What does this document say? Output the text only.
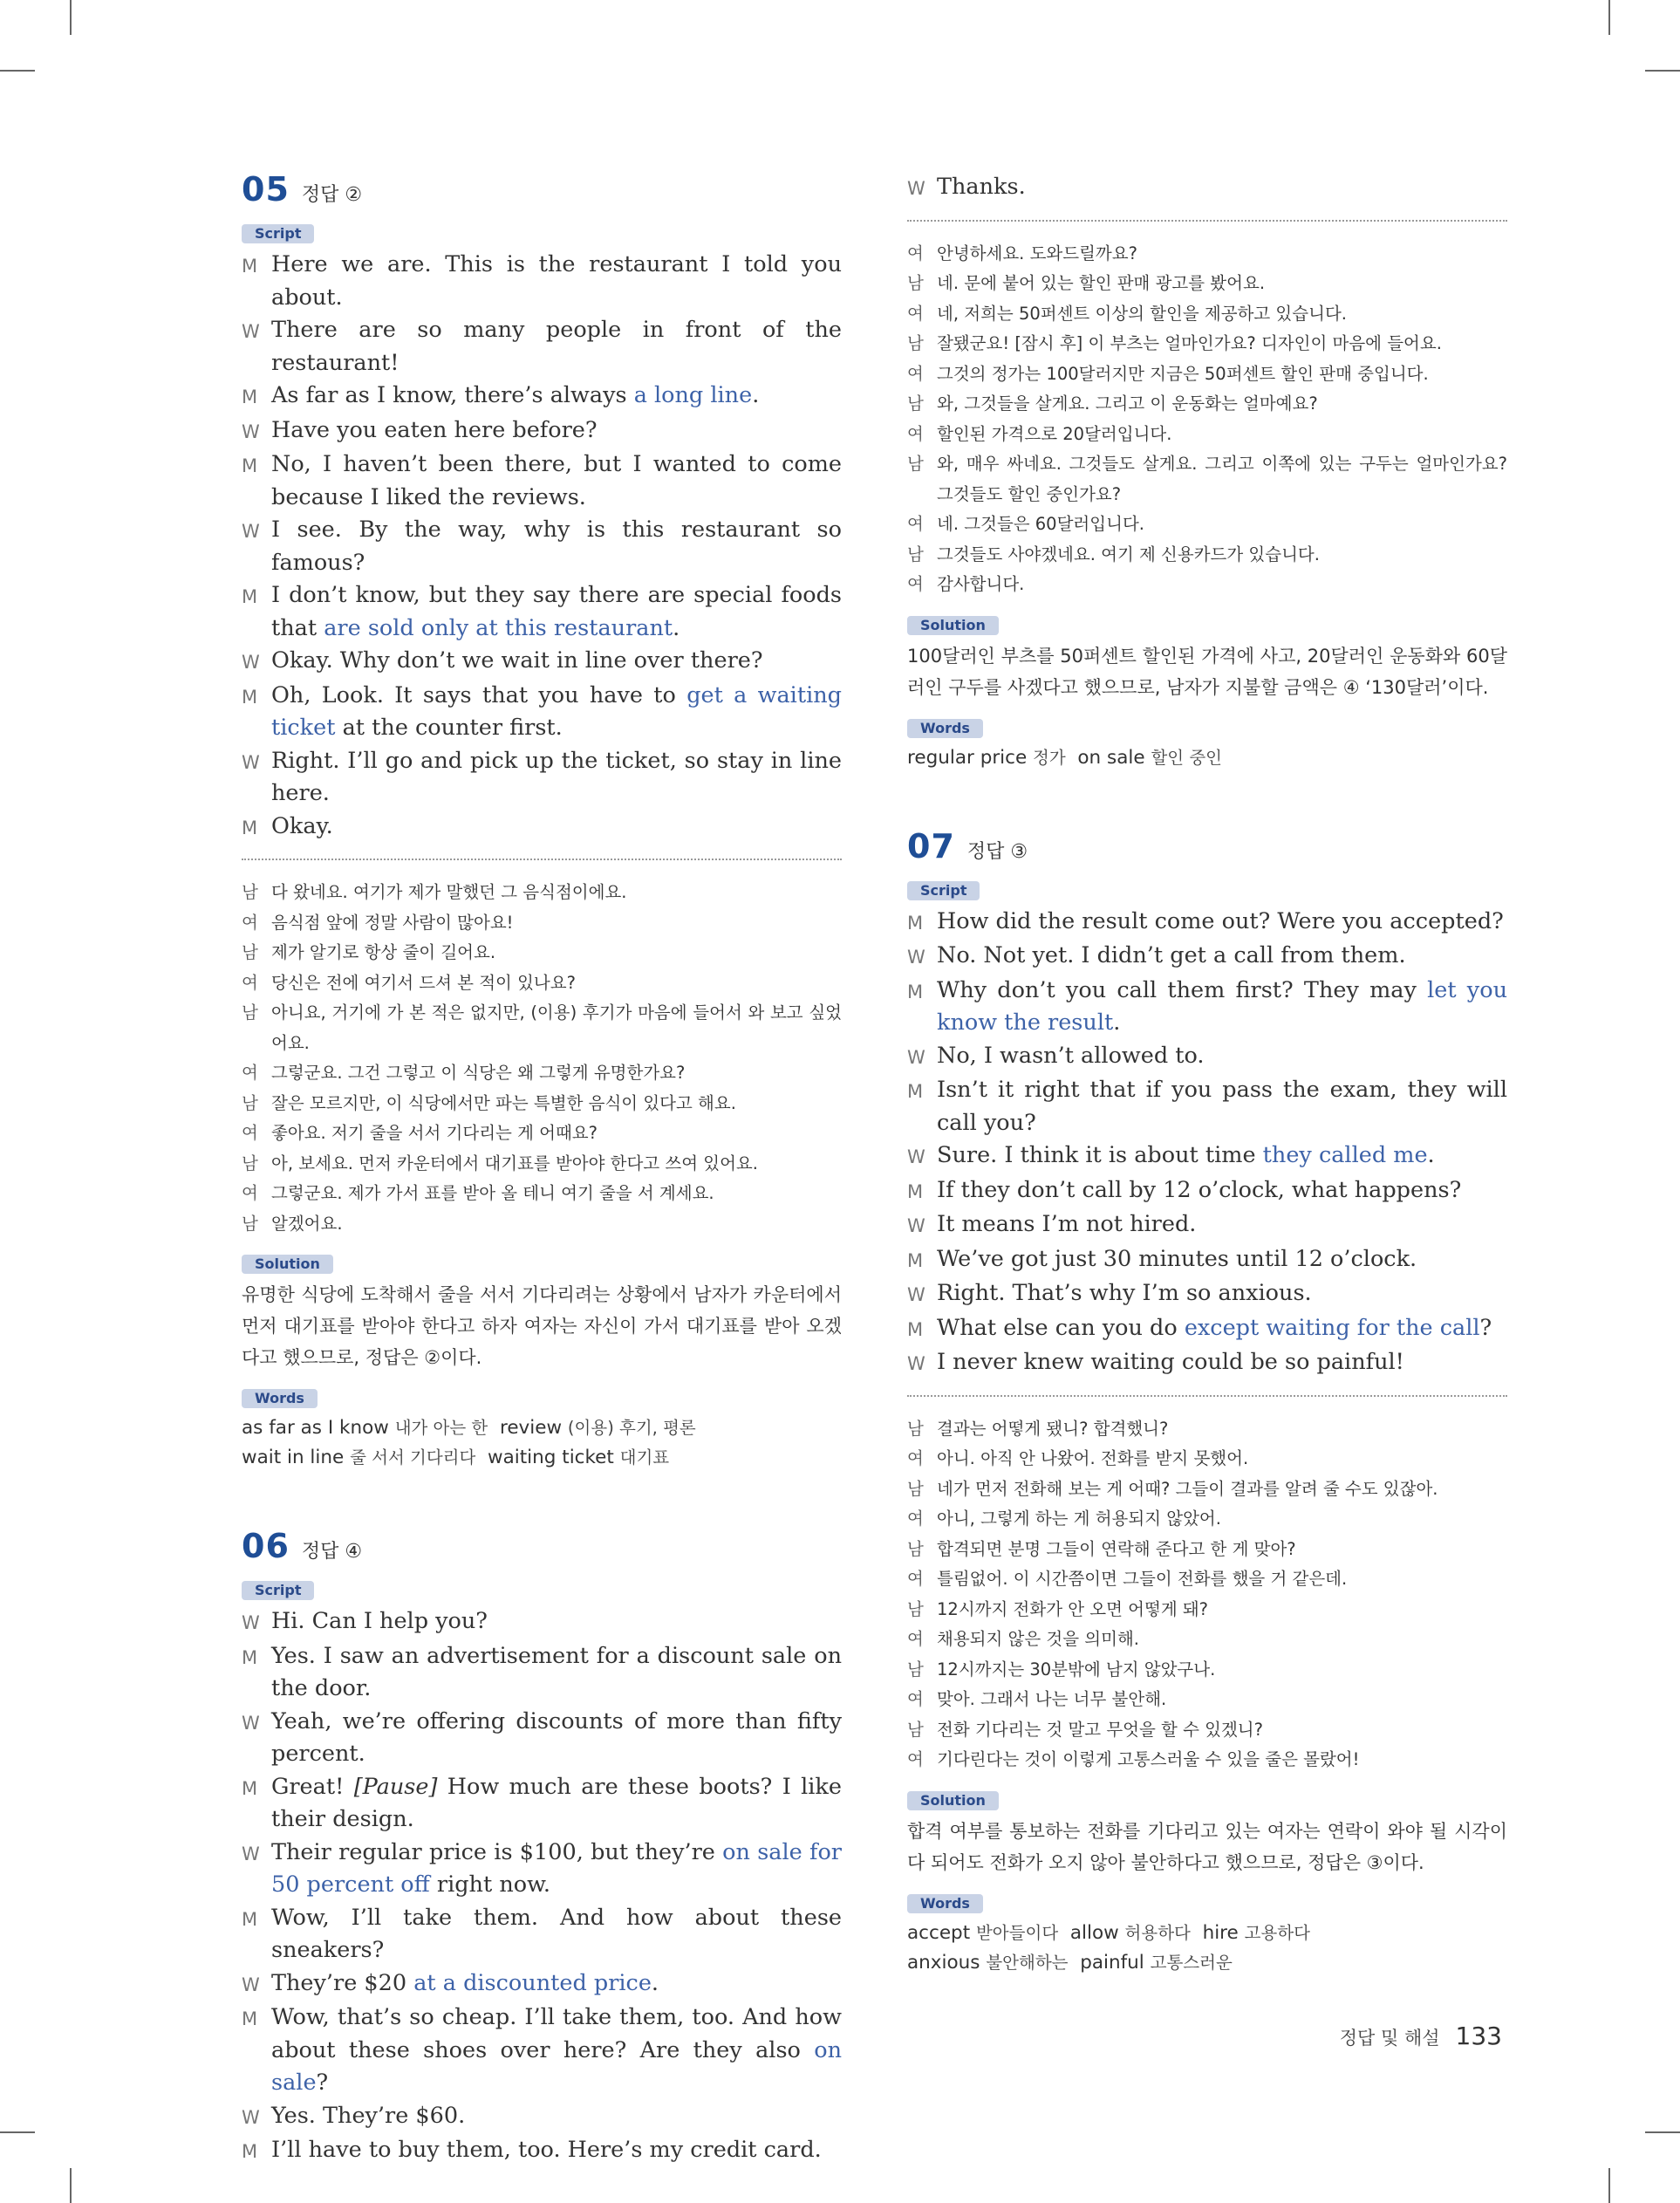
05 정답 ②
Script
M Here we are. This is the restaurant I told you about.
W There are so many people in front of the restaurant!
M As far as I know, there’s always a long line.
W Have you eaten here before?
M No, I haven’t been there, but I wanted to come because I liked the reviews.
W I see. By the way, why is this restaurant so famous?
M I don’t know, but they say there are special foods that are sold only at this restaurant.
W Okay. Why don’t we wait in line over there?
M Oh, Look. It says that you have to get a waiting ticket at the counter first.
W Right. I’ll go and pick up the ticket, so stay in line here.
M Okay.
남 다 왔네요. 여기가 제가 말했던 그 음식점이에요.
여 음식점 앞에 정말 사람이 많아요!
남 제가 알기로 항상 줄이 길어요.
여 당신은 전에 여기서 드셔 본 적이 있나요?
남 아니요, 거기에 가 본 적은 없지만, (이용) 후기가 마음에 들어서 와 보고 싶었어요.
여 그렇군요. 그건 그렇고 이 식당은 왜 그렇게 유명한가요?
남 잘은 모르지만, 이 식당에서만 파는 특별한 음식이 있다고 해요.
여 좋아요. 저기 줄을 서서 기다리는 게 어때요?
남 아, 보세요. 먼저 카운터에서 대기표를 받아야 한다고 쓰여 있어요.
여 그렇군요. 제가 가서 표를 받아 올 테니 여기 줄을 서 계세요.
남 알겠어요.
Solution

유명한 식당에 도착해서 줄을 서서 기다리려는 상황에서 남자가 카운터에서 먼저 대기표를 받아야 한다고 하자 여자는 자신이 가서 대기표를 받아 오겠다고 했으므로, 정답은 ②이다.

Words
as far as I know 내가 아는 한 review (이용) 후기, 평론
wait in line 줄 서서 기다리다 waiting ticket 대기표
06 정답 ④
Script
W Hi. Can I help you?
M Yes. I saw an advertisement for a discount sale on the door.
W Yeah, we’re offering discounts of more than fifty percent.
M Great! [Pause] How much are these boots? I like their design.
W Their regular price is $100, but they’re on sale for 50 percent off right now.
M Wow, I’ll take them. And how about these sneakers?
W They’re $20 at a discounted price.
M Wow, that’s so cheap. I’ll take them, too. And how about these shoes over here? Are they also on sale?
W Yes. They’re $60.
M I’ll have to buy them, too. Here’s my credit card.
W Thanks.
여 안녕하세요. 도와드릴까요?
남 네. 문에 붙어 있는 할인 판매 광고를 봤어요.
여 네, 저희는 50퍼센트 이상의 할인을 제공하고 있습니다.
남 잘됐군요! [잠시 후] 이 부츠는 얼마인가요? 디자인이 마음에 들어요.
여 그것의 정가는 100달러지만 지금은 50퍼센트 할인 판매 중입니다.
남 와, 그것들을 살게요. 그리고 이 운동화는 얼마예요?
여 할인된 가격으로 20달러입니다.
남 와, 매우 싸네요. 그것들도 살게요. 그리고 이쪽에 있는 구두는 얼마인가요? 그것들도 할인 중인가요?
여 네. 그것들은 60달러입니다.
남 그것들도 사야겠네요. 여기 제 신용카드가 있습니다.
여 감사합니다.
Solution

100달러인 부츠를 50퍼센트 할인된 가격에 사고, 20달러인 운동화와 60달러인 구두를 사겠다고 했으므로, 남자가 지불할 금액은 ④ ‘130달러’이다.

Words
regular price 정가 on sale 할인 중인
07 정답 ③
Script
M How did the result come out? Were you accepted?
W No. Not yet. I didn’t get a call from them.
M Why don’t you call them first? They may let you know the result.
W No, I wasn’t allowed to.
M Isn’t it right that if you pass the exam, they will call you?
W Sure. I think it is about time they called me.
M If they don’t call by 12 o’clock, what happens?
W It means I’m not hired.
M We’ve got just 30 minutes until 12 o’clock.
W Right. That’s why I’m so anxious.
M What else can you do except waiting for the call?
W I never knew waiting could be so painful!
남 결과는 어떻게 됐니? 합격했니?
여 아니. 아직 안 나왔어. 전화를 받지 못했어.
남 네가 먼저 전화해 보는 게 어때? 그들이 결과를 알려 줄 수도 있잖아.
여 아니, 그렇게 하는 게 허용되지 않았어.
남 합격되면 분명 그들이 연락해 준다고 한 게 맞아?
여 틀림없어. 이 시간쯤이면 그들이 전화를 했을 거 같은데.
남 12시까지 전화가 안 오면 어떻게 돼?
여 채용되지 않은 것을 의미해.
남 12시까지는 30분밖에 남지 않았구나.
여 맞아. 그래서 나는 너무 불안해.
남 전화 기다리는 것 말고 무엇을 할 수 있겠니?
여 기다린다는 것이 이렇게 고통스러울 수 있을 줄은 몰랐어!
Solution

합격 여부를 통보하는 전화를 기다리고 있는 여자는 연락이 와야 될 시각이 다 되어도 전화가 오지 않아 불안하다고 했으므로, 정답은 ③이다.

Words
accept 받아들이다 allow 허용하다 hire 고용하다
anxious 불안해하는 painful 고통스러운
정답 및 해설 133
